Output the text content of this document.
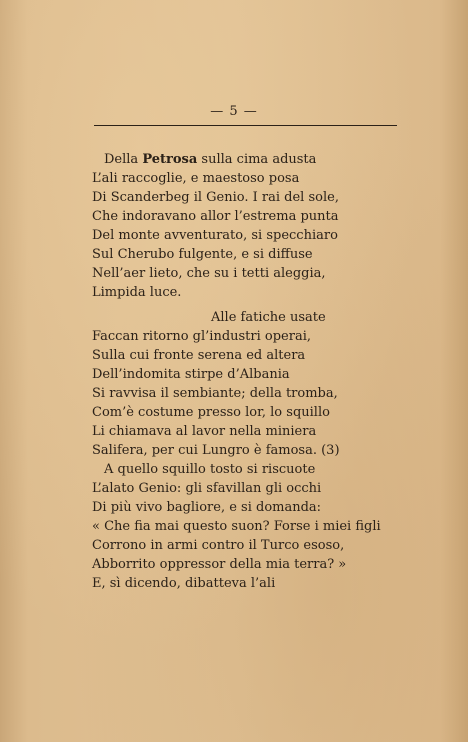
— 5 —
Della Petrosa sulla cima adusta
L’ali raccoglie, e maestoso posa
Di Scanderbeg il Genio. I rai del sole,
Che indoravano allor l’estrema punta
Del monte avventurato, si specchiaro
Sul Cherubo fulgente, e si diffuse
Nell’aer lieto, che su i tetti aleggia,
Limpida luce.
Alle fatiche usate
Faccan ritorno gl’industri operai,
Sulla cui fronte serena ed altera
Dell’indomita stirpe d’Albania
Si ravvisa il sembiante; della tromba,
Com’è costume presso lor, lo squillo
Li chiamava al lavor nella miniera
Salifera, per cui Lungro è famosa. (3)
A quello squillo tosto si riscuote
L’alato Genio: gli sfavillan gli occhi
Di più vivo bagliore, e si domanda:
« Che fia mai questo suon? Forse i miei figli
Corrono in armi contro il Turco esoso,
Abborrito oppressor della mia terra? »
E, sì dicendo, dibatteva l’ali
